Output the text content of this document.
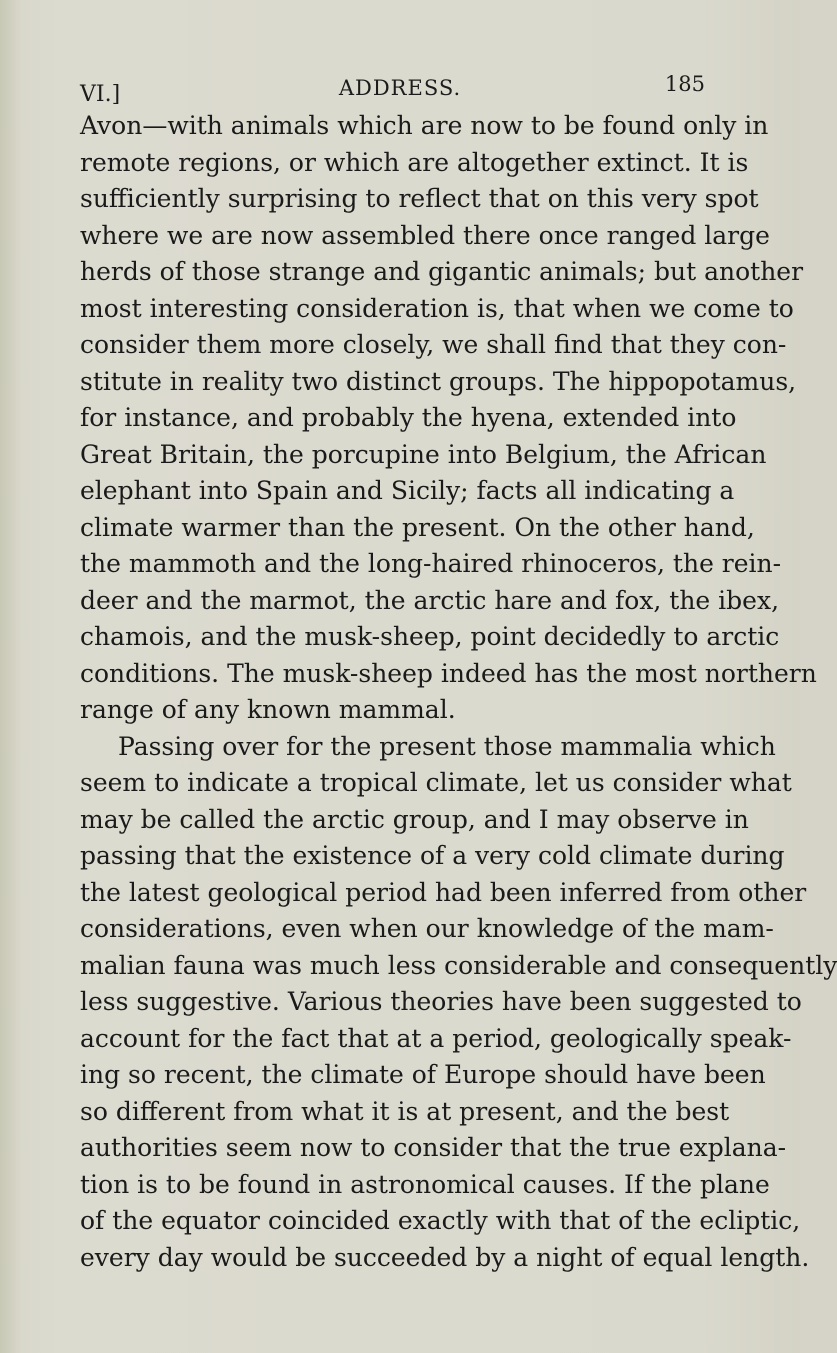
VI.]	ADDRESS.	185
Avon—with animals which are now to be found only in
remote regions, or which are altogether extinct. It is
sufficiently surprising to reflect that on this very spot
where we are now assembled there once ranged large
herds of those strange and gigantic animals; but another
most interesting consideration is, that when we come to
consider them more closely, we shall find that they con-
stitute in reality two distinct groups. The hippopotamus,
for instance, and probably the hyena, extended into
Great Britain, the porcupine into Belgium, the African
elephant into Spain and Sicily; facts all indicating a
climate warmer than the present. On the other hand,
the mammoth and the long-haired rhinoceros, the rein-
deer and the marmot, the arctic hare and fox, the ibex,
chamois, and the musk-sheep, point decidedly to arctic
conditions. The musk-sheep indeed has the most northern
range of any known mammal.
Passing over for the present those mammalia which
seem to indicate a tropical climate, let us consider what
may be called the arctic group, and I may observe in
passing that the existence of a very cold climate during
the latest geological period had been inferred from other
considerations, even when our knowledge of the mam-
malian fauna was much less considerable and consequently
less suggestive. Various theories have been suggested to
account for the fact that at a period, geologically speak-
ing so recent, the climate of Europe should have been
so different from what it is at present, and the best
authorities seem now to consider that the true explana-
tion is to be found in astronomical causes. If the plane
of the equator coincided exactly with that of the ecliptic,
every day would be succeeded by a night of equal length.
